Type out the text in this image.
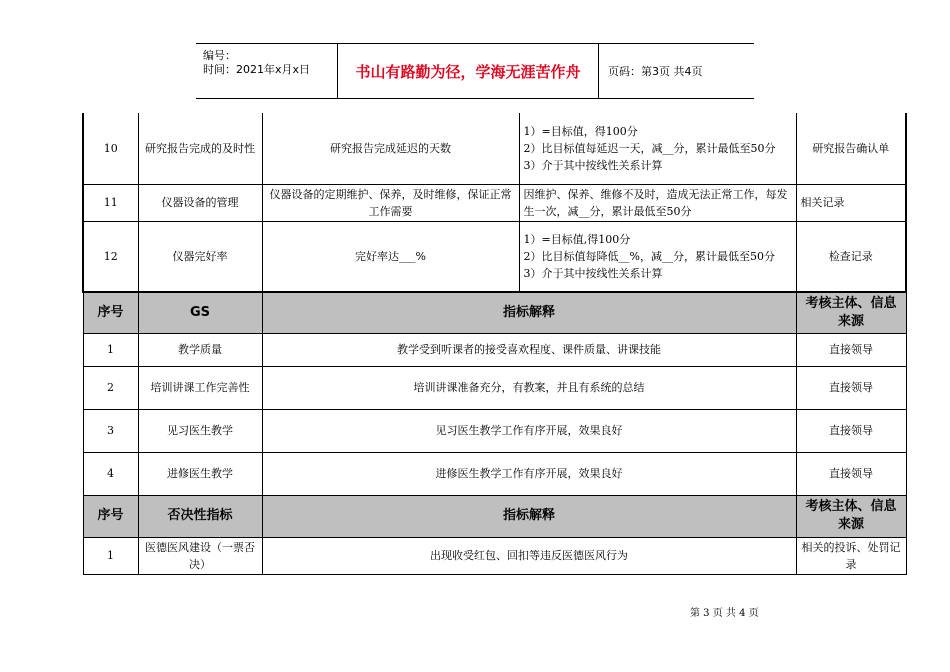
编号：
时间：2021年x月x日	书山有路勤为径，学海无涯苦作舟	页码：第3页 共4页
10	研究报告完成的及时性	研究报告完成延迟的天数	1）=目标值，得100分
2）比目标值每延迟一天，减__分，累计最低至50分
3）介于其中按线性关系计算	研究报告确认单
11	仪器设备的管理	仪器设备的定期维护、保养，及时维修，保证正常工作需要	因维护、保养、维修不及时，造成无法正常工作，每发生一次，减__分，累计最低至50分	相关记录
12	仪器完好率	完好率达___%	1）=目标值,得100分
2）比目标值每降低__%，减__分，累计最低至50分
3）介于其中按线性关系计算	检查记录
序号	GS	指标解释		考核主体、信息来源
1	教学质量	教学受到听课者的接受喜欢程度、课件质量、讲课技能		直接领导
2	培训讲课工作完善性	培训讲课准备充分，有教案，并且有系统的总结		直接领导
3	见习医生教学	见习医生教学工作有序开展，效果良好		直接领导
4	进修医生教学	进修医生教学工作有序开展，效果良好		直接领导
序号	否决性指标	指标解释		考核主体、信息来源
1	医德医风建设（一票否决）	出现收受红包、回扣等违反医德医风行为		相关的投诉、处罚记录
第 3 页 共 4 页
